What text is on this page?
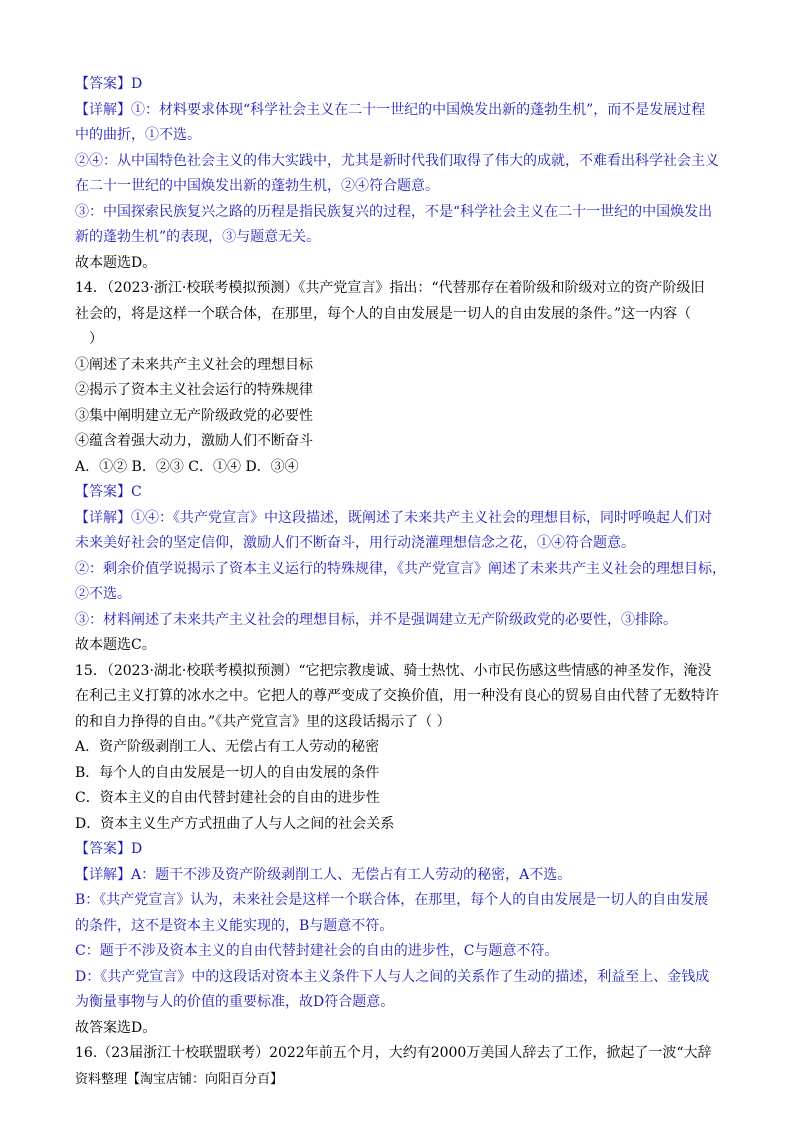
【答案】D
【详解】①：材料要求体现“科学社会主义在二十一世纪的中国焕发出新的蓬勃生机”，而不是发展过程
中的曲折，①不选。
②④：从中国特色社会主义的伟大实践中，尤其是新时代我们取得了伟大的成就，不难看出科学社会主义
在二十一世纪的中国焕发出新的蓬勃生机，②④符合题意。
③：中国探索民族复兴之路的历程是指民族复兴的过程，不是“科学社会主义在二十一世纪的中国焕发出
新的蓬勃生机”的表现，③与题意无关。
故本题选D。
14．（2023·浙江·校联考模拟预测）《共产党宣言》指出：“代替那存在着阶级和阶级对立的资产阶级旧
社会的，将是这样一个联合体，在那里，每个人的自由发展是一切人的自由发展的条件。”这一内容（
）
①阐述了未来共产主义社会的理想目标
②揭示了资本主义社会运行的特殊规律
③集中阐明建立无产阶级政党的必要性
④蕴含着强大动力，激励人们不断奋斗
A．①② B．②③ C．①④ D．③④
【答案】C
【详解】①④：《共产党宣言》中这段描述，既阐述了未来共产主义社会的理想目标，同时呼唤起人们对
未来美好社会的坚定信仰，激励人们不断奋斗，用行动浇灌理想信念之花，①④符合题意。
②：剩余价值学说揭示了资本主义运行的特殊规律，《共产党宣言》阐述了未来共产主义社会的理想目标，
②不选。
③：材料阐述了未来共产主义社会的理想目标，并不是强调建立无产阶级政党的必要性，③排除。
故本题选C。
15．（2023·湖北·校联考模拟预测）“它把宗教虔诚、骑士热忱、小市民伤感这些情感的神圣发作，淹没
在利己主义打算的冰水之中。它把人的尊严变成了交换价值，用一种没有良心的贸易自由代替了无数特许
的和自力挣得的自由。”《共产党宣言》里的这段话揭示了（ ）
A．资产阶级剥削工人、无偿占有工人劳动的秘密
B．每个人的自由发展是一切人的自由发展的条件
C．资本主义的自由代替封建社会的自由的进步性
D．资本主义生产方式扭曲了人与人之间的社会关系
【答案】D
【详解】A：题干不涉及资产阶级剥削工人、无偿占有工人劳动的秘密，A不选。
B：《共产党宣言》认为，未来社会是这样一个联合体，在那里，每个人的自由发展是一切人的自由发展
的条件，这不是资本主义能实现的，B与题意不符。
C：题于不涉及资本主义的自由代替封建社会的自由的进步性，C与题意不符。
D：《共产党宣言》中的这段话对资本主义条件下人与人之间的关系作了生动的描述，利益至上、金钱成
为衡量事物与人的价值的重要标准，故D符合题意。
故答案选D。
16.（23届浙江十校联盟联考）2022年前五个月，大约有2000万美国人辞去了工作，掀起了一波“大辞
资料整理【淘宝店铺：向阳百分百】
